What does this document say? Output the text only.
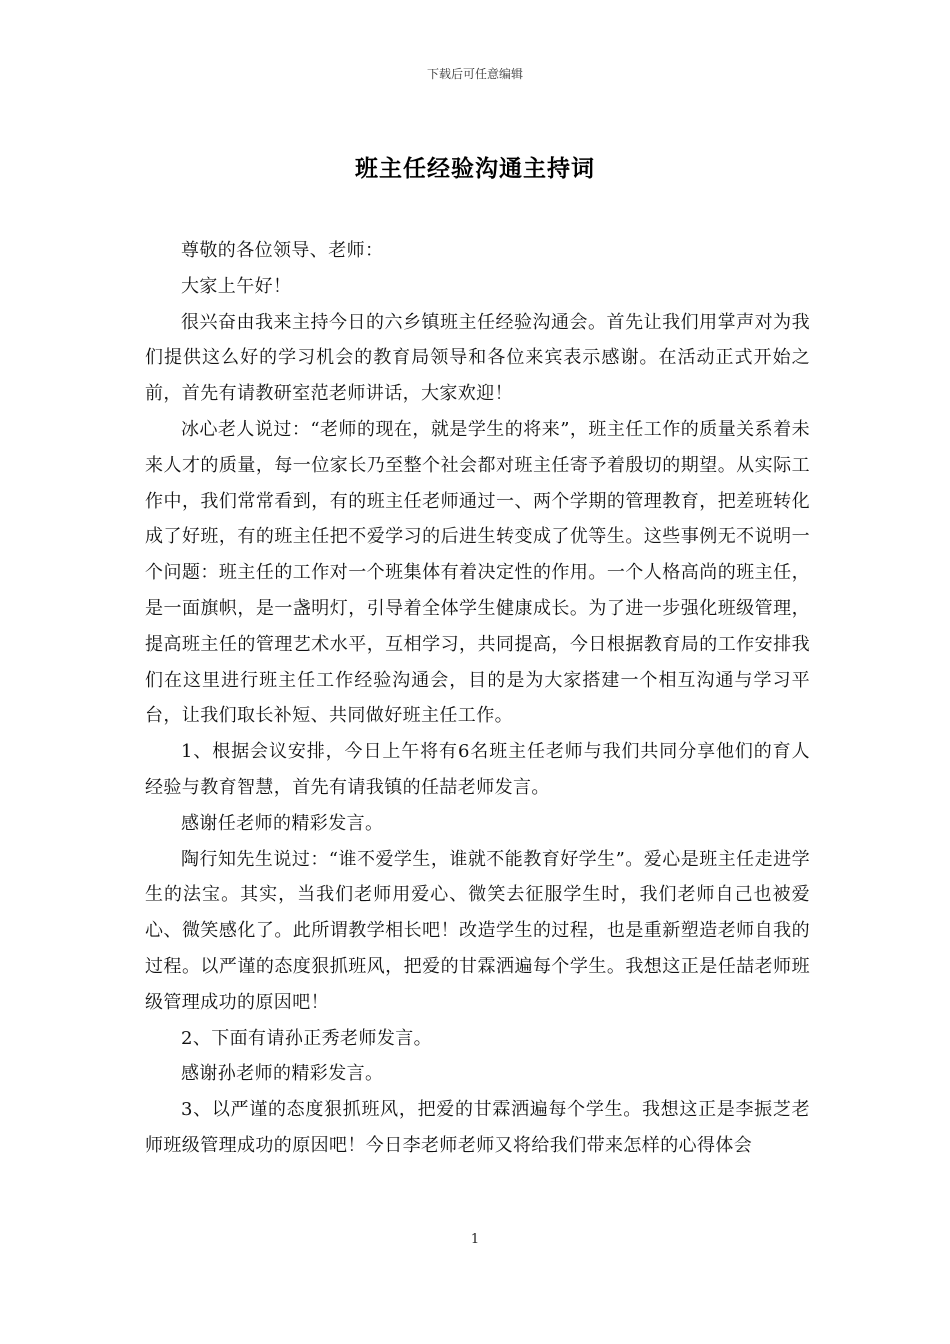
下载后可任意编辑
班主任经验沟通主持词

尊敬的各位领导、老师：

大家上午好！

很兴奋由我来主持今日的六乡镇班主任经验沟通会。首先让我们用掌声对为我们提供这么好的学习机会的教育局领导和各位来宾表示感谢。在活动正式开始之前，首先有请教研室范老师讲话，大家欢迎！

冰心老人说过：“老师的现在，就是学生的将来”，班主任工作的质量关系着未来人才的质量，每一位家长乃至整个社会都对班主任寄予着殷切的期望。从实际工作中，我们常常看到，有的班主任老师通过一、两个学期的管理教育，把差班转化成了好班，有的班主任把不爱学习的后进生转变成了优等生。这些事例无不说明一个问题：班主任的工作对一个班集体有着决定性的作用。一个人格高尚的班主任，是一面旗帜，是一盏明灯，引导着全体学生健康成长。为了进一步强化班级管理，提高班主任的管理艺术水平，互相学习，共同提高，今日根据教育局的工作安排我们在这里进行班主任工作经验沟通会，目的是为大家搭建一个相互沟通与学习平台，让我们取长补短、共同做好班主任工作。

1、根据会议安排，今日上午将有6名班主任老师与我们共同分享他们的育人经验与教育智慧，首先有请我镇的任喆老师发言。

感谢任老师的精彩发言。

陶行知先生说过：“谁不爱学生，谁就不能教育好学生”。爱心是班主任走进学生的法宝。其实，当我们老师用爱心、微笑去征服学生时，我们老师自己也被爱心、微笑感化了。此所谓教学相长吧！改造学生的过程，也是重新塑造老师自我的过程。以严谨的态度狠抓班风，把爱的甘霖洒遍每个学生。我想这正是任喆老师班级管理成功的原因吧！

2、下面有请孙正秀老师发言。

感谢孙老师的精彩发言。

3、以严谨的态度狠抓班风，把爱的甘霖洒遍每个学生。我想这正是李振芝老师班级管理成功的原因吧！今日李老师老师又将给我们带来怎样的心得体会

1
